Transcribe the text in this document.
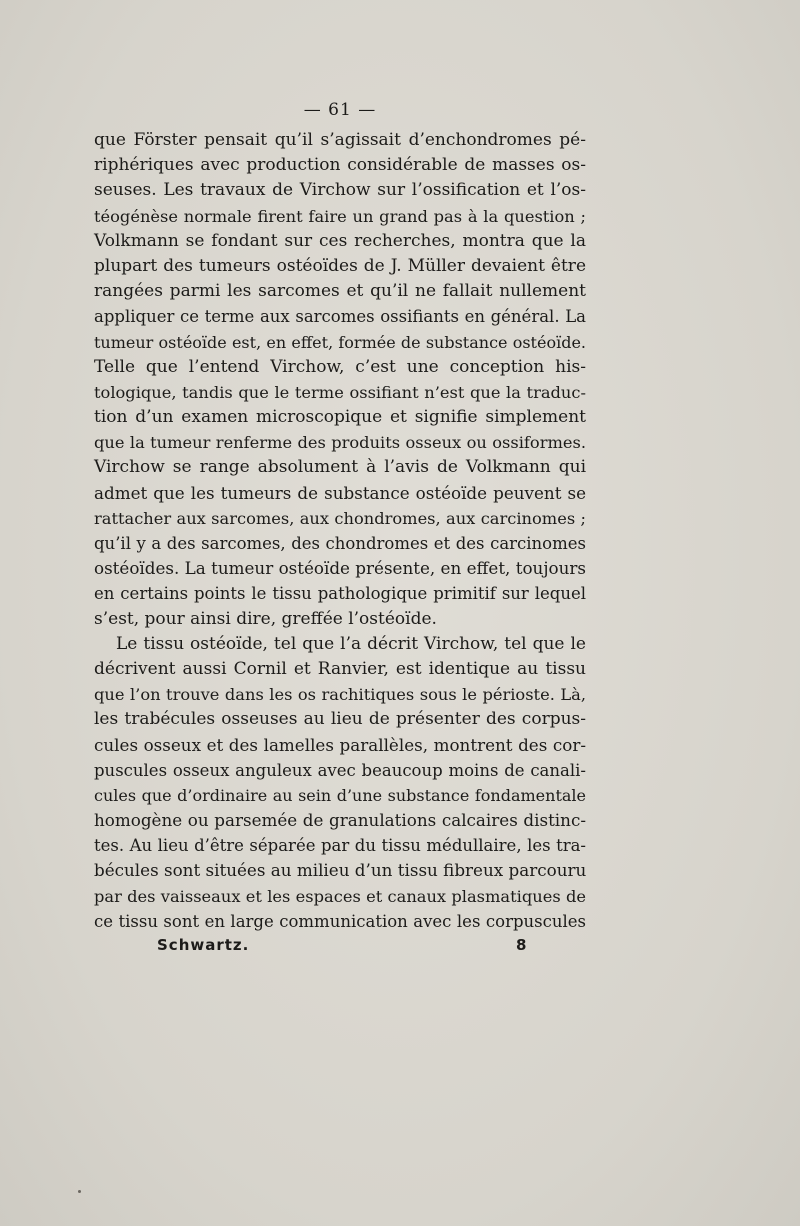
— 61 —
que Förster pensait qu’il s’agissait d’enchondromes pé-
riphériques avec production considérable de masses os-
seuses. Les travaux de Virchow sur l’ossification et l’os-
téogénèse normale firent faire un grand pas à la question ;
Volkmann se fondant sur ces recherches, montra que la
plupart des tumeurs ostéoïdes de J. Müller devaient être
rangées parmi les sarcomes et qu’il ne fallait nullement
appliquer ce terme aux sarcomes ossifiants en général. La
tumeur ostéoïde est, en effet, formée de substance ostéoïde.
Telle que l’entend Virchow, c’est une conception his-
tologique, tandis que le terme ossifiant n’est que la traduc-
tion d’un examen microscopique et signifie simplement
que la tumeur renferme des produits osseux ou ossiformes.
Virchow se range absolument à l’avis de Volkmann qui
admet que les tumeurs de substance ostéoïde peuvent se
rattacher aux sarcomes, aux chondromes, aux carcinomes ;
qu’il y a des sarcomes, des chondromes et des carcinomes
ostéoïdes. La tumeur ostéoïde présente, en effet, toujours
en certains points le tissu pathologique primitif sur lequel
s’est, pour ainsi dire, greffée l’ostéoïde.
Le tissu ostéoïde, tel que l’a décrit Virchow, tel que le
décrivent aussi Cornil et Ranvier, est identique au tissu
que l’on trouve dans les os rachitiques sous le périoste. Là,
les trabécules osseuses au lieu de présenter des corpus-
cules osseux et des lamelles parallèles, montrent des cor-
puscules osseux anguleux avec beaucoup moins de canali-
cules que d’ordinaire au sein d’une substance fondamentale
homogène ou parsemée de granulations calcaires distinc-
tes. Au lieu d’être séparée par du tissu médullaire, les tra-
bécules sont situées au milieu d’un tissu fibreux parcouru
par des vaisseaux et les espaces et canaux plasmatiques de
ce tissu sont en large communication avec les corpuscules
Schwartz.	8
